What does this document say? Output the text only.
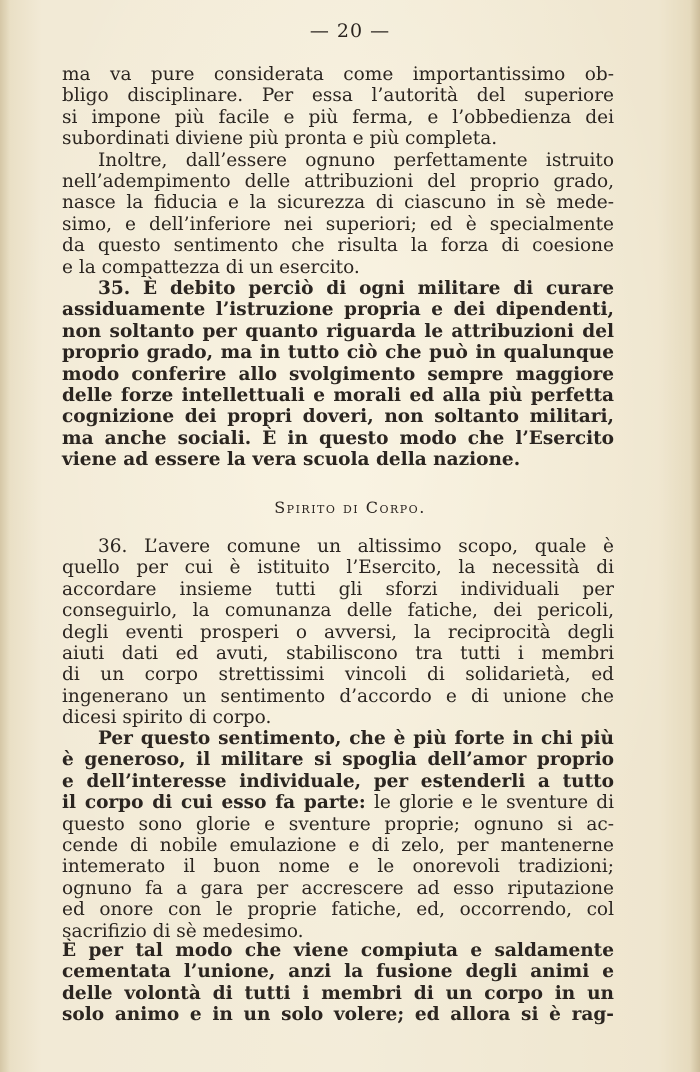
— 20 —
ma va pure considerata come importantissimo ob-
bligo disciplinare. Per essa l’autorità del superiore
si impone più facile e più ferma, e l’obbedienza dei
subordinati diviene più pronta e più completa.
Inoltre, dall’essere ognuno perfettamente istruito
nell’adempimento delle attribuzioni del proprio grado,
nasce la fiducia e la sicurezza di ciascuno in sè mede-
simo, e dell’inferiore nei superiori; ed è specialmente
da questo sentimento che risulta la forza di coesione
e la compattezza di un esercito.
35. È debito perciò di ogni militare di curare
assiduamente l’istruzione propria e dei dipendenti,
non soltanto per quanto riguarda le attribuzioni del
proprio grado, ma in tutto ciò che può in qualunque
modo conferire allo svolgimento sempre maggiore
delle forze intellettuali e morali ed alla più perfetta
cognizione dei propri doveri, non soltanto militari,
ma anche sociali. È in questo modo che l’Esercito
viene ad essere la vera scuola della nazione.
Spirito di Corpo.
36. L’avere comune un altissimo scopo, quale è
quello per cui è istituito l’Esercito, la necessità di
accordare insieme tutti gli sforzi individuali per
conseguirlo, la comunanza delle fatiche, dei pericoli,
degli eventi prosperi o avversi, la reciprocità degli
aiuti dati ed avuti, stabiliscono tra tutti i membri
di un corpo strettissimi vincoli di solidarietà, ed
ingenerano un sentimento d’accordo e di unione che
dicesi spirito di corpo.
Per questo sentimento, che è più forte in chi più
è generoso, il militare si spoglia dell’amor proprio
e dell’interesse individuale, per estenderli a tutto
il corpo di cui esso fa parte: le glorie e le sventure di
questo sono glorie e sventure proprie; ognuno si ac-
cende di nobile emulazione e di zelo, per mantenerne
intemerato il buon nome e le onorevoli tradizioni;
ognuno fa a gara per accrescere ad esso riputazione
ed onore con le proprie fatiche, ed, occorrendo, col
sacrifizio di sè medesimo.
È per tal modo che viene compiuta e saldamente
cementata l’unione, anzi la fusione degli animi e
delle volontà di tutti i membri di un corpo in un
solo animo e in un solo volere; ed allora si è rag-
